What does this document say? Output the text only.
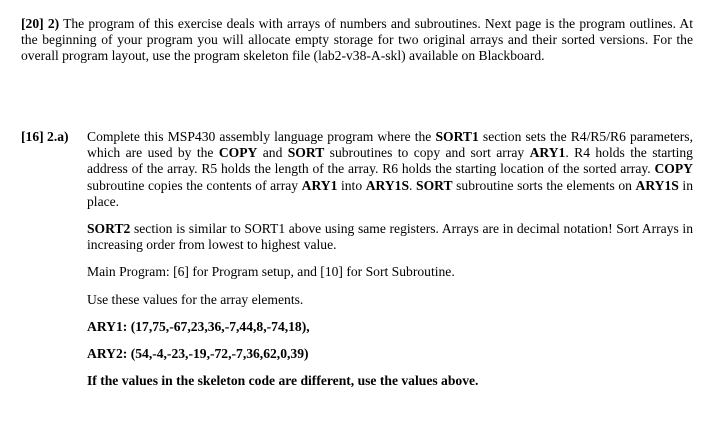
[20] 2) The program of this exercise deals with arrays of numbers and subroutines. Next page is the program outlines. At the beginning of your program you will allocate empty storage for two original arrays and their sorted versions. For the overall program layout, use the program skeleton file (lab2-v38-A-skl) available on Blackboard.
[16] 2.a)	Complete this MSP430 assembly language program where the SORT1 section sets the R4/R5/R6 parameters, which are used by the COPY and SORT subroutines to copy and sort array ARY1. R4 holds the starting address of the array. R5 holds the length of the array. R6 holds the starting location of the sorted array. COPY subroutine copies the contents of array ARY1 into ARY1S. SORT subroutine sorts the elements on ARY1S in place.
SORT2 section is similar to SORT1 above using same registers. Arrays are in decimal notation! Sort Arrays in increasing order from lowest to highest value.
Main Program: [6] for Program setup, and [10] for Sort Subroutine.
Use these values for the array elements.
ARY1: (17,75,-67,23,36,-7,44,8,-74,18),
ARY2: (54,-4,-23,-19,-72,-7,36,62,0,39)
If the values in the skeleton code are different, use the values above.
